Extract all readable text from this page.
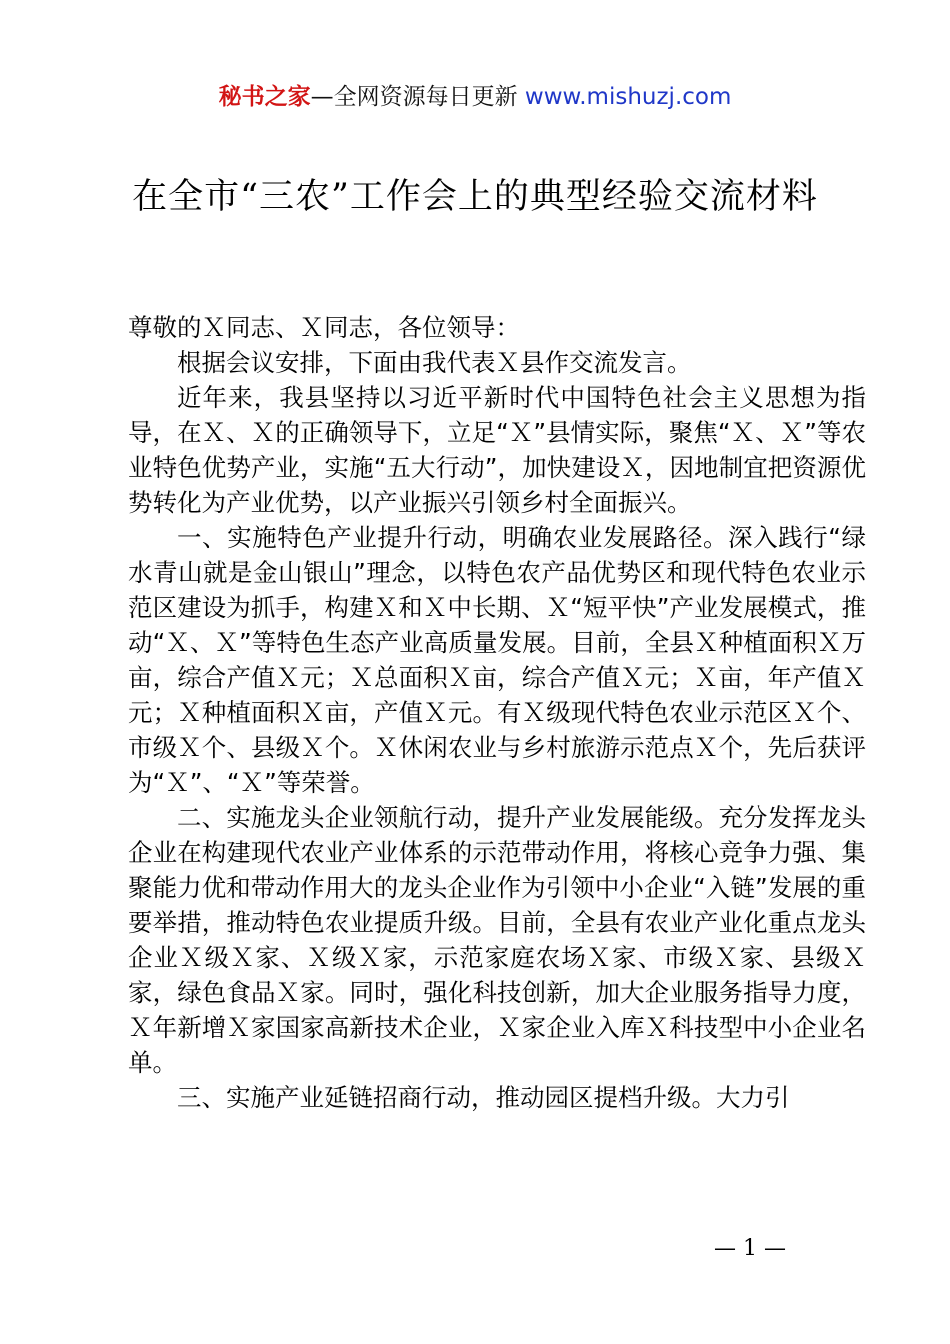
秘书之家—全网资源每日更新 www.mishuzj.com
在全市“三农”工作会上的典型经验交流材料

尊敬的Ｘ同志、Ｘ同志，各位领导：

根据会议安排，下面由我代表Ｘ县作交流发言。

近年来，我县坚持以习近平新时代中国特色社会主义思想为指导，在Ｘ、Ｘ的正确领导下，立足“Ｘ”县情实际，聚焦“Ｘ、Ｘ”等农业特色优势产业，实施“五大行动”，加快建设Ｘ，因地制宜把资源优势转化为产业优势，以产业振兴引领乡村全面振兴。

一、实施特色产业提升行动，明确农业发展路径。深入践行“绿水青山就是金山银山”理念，以特色农产品优势区和现代特色农业示范区建设为抓手，构建Ｘ和Ｘ中长期、Ｘ“短平快”产业发展模式，推动“Ｘ、Ｘ”等特色生态产业高质量发展。目前，全县Ｘ种植面积Ｘ万亩，综合产值Ｘ元；Ｘ总面积Ｘ亩，综合产值Ｘ元；Ｘ亩，年产值Ｘ元；Ｘ种植面积Ｘ亩，产值Ｘ元。有Ｘ级现代特色农业示范区Ｘ个、市级Ｘ个、县级Ｘ个。Ｘ休闲农业与乡村旅游示范点Ｘ个，先后获评为“Ｘ”、“Ｘ”等荣誉。

二、实施龙头企业领航行动，提升产业发展能级。充分发挥龙头企业在构建现代农业产业体系的示范带动作用，将核心竞争力强、集聚能力优和带动作用大的龙头企业作为引领中小企业“入链”发展的重要举措，推动特色农业提质升级。目前，全县有农业产业化重点龙头企业Ｘ级Ｘ家、Ｘ级Ｘ家，示范家庭农场Ｘ家、市级Ｘ家、县级Ｘ家，绿色食品Ｘ家。同时，强化科技创新，加大企业服务指导力度，Ｘ年新增Ｘ家国家高新技术企业，Ｘ家企业入库Ｘ科技型中小企业名单。

三、实施产业延链招商行动，推动园区提档升级。大力引

— 1 —
